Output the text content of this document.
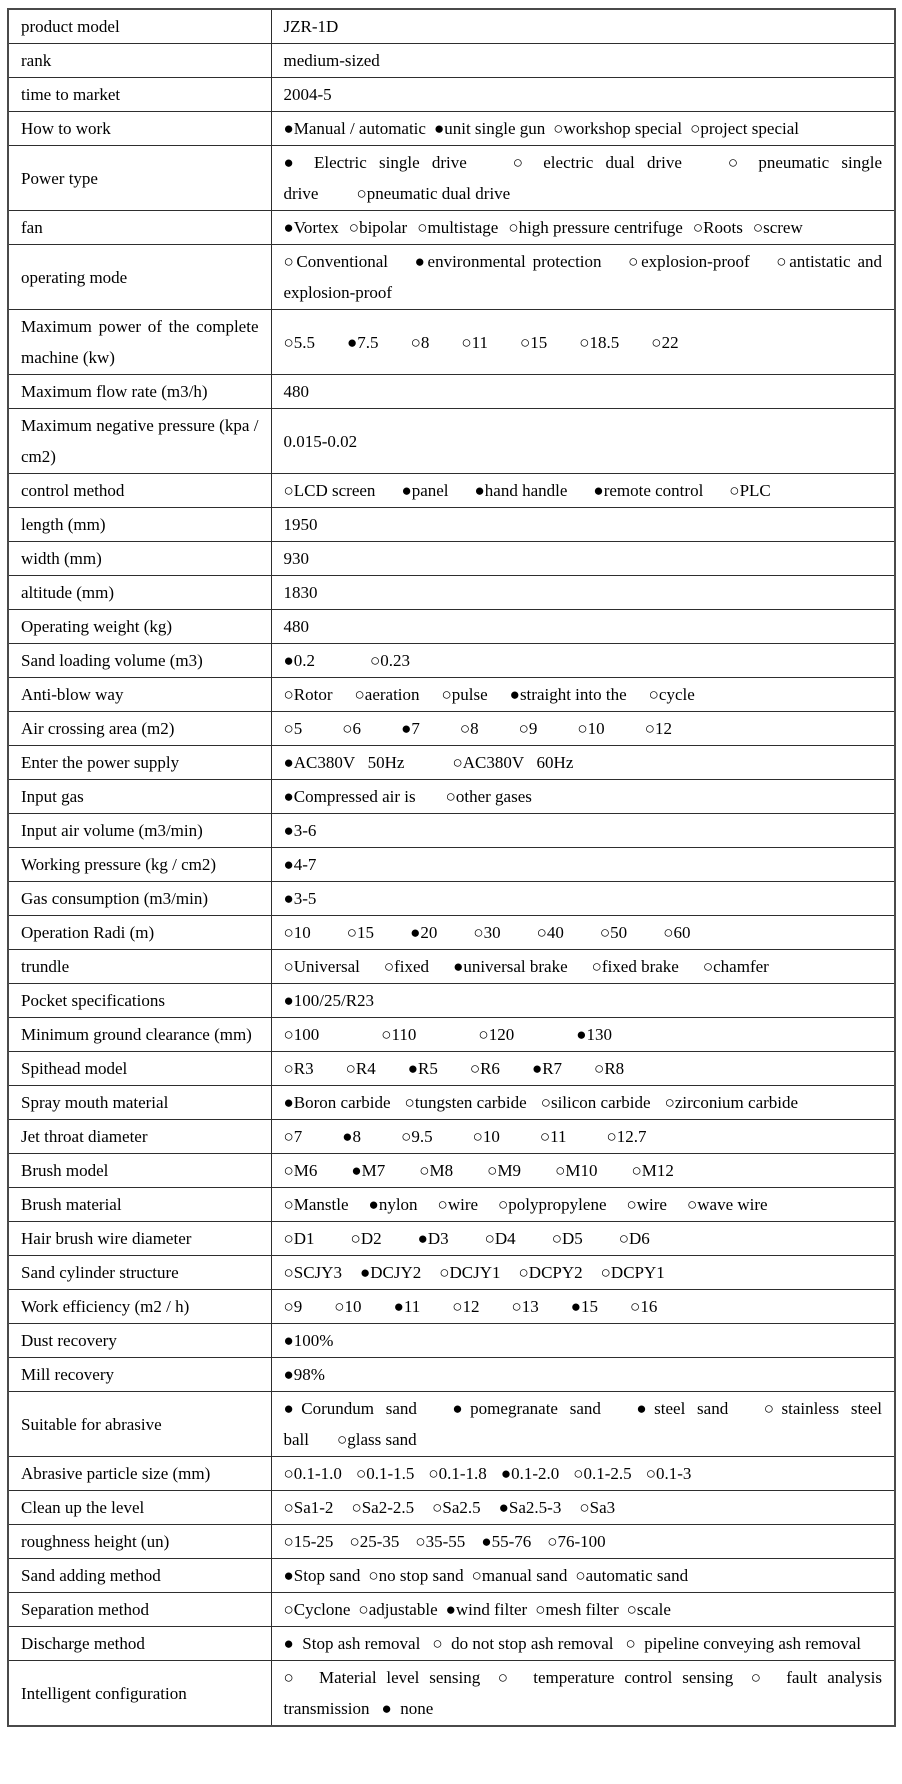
product model	JZR-1D
rank	medium-sized
time to market	2004-5
How to work	●Manual / automatic ●unit single gun ○workshop special ○project special
Power type	● Electric single drive ○ electric dual drive ○ pneumatic single drive ○pneumatic dual drive
fan	●Vortex ○bipolar ○multistage ○high pressure centrifuge ○Roots ○screw
operating mode	○Conventional ●environmental protection ○explosion-proof ○antistatic and explosion-proof
Maximum power of the complete machine (kw)	○5.5 ●7.5 ○8 ○11 ○15 ○18.5 ○22
Maximum flow rate (m3/h)	480
Maximum negative pressure (kpa / cm2)	0.015-0.02
control method	○LCD screen ●panel ●hand handle ●remote control ○PLC
length (mm)	1950
width (mm)	930
altitude (mm)	1830
Operating weight (kg)	480
Sand loading volume (m3)	●0.2 ○0.23
Anti-blow way	○Rotor ○aeration ○pulse ●straight into the ○cycle
Air crossing area (m2)	○5 ○6 ●7 ○8 ○9 ○10 ○12
Enter the power supply	●AC380V   50Hz ○AC380V   60Hz
Input gas	●Compressed air is ○other gases
Input air volume (m3/min)	●3-6
Working pressure (kg / cm2)	●4-7
Gas consumption (m3/min)	●3-5
Operation Radi (m)	○10 ○15 ●20 ○30 ○40 ○50 ○60
trundle	○Universal ○fixed ●universal brake ○fixed brake ○chamfer
Pocket specifications	●100/25/R23
Minimum ground clearance (mm)	○100 ○110 ○120 ●130
Spithead model	○R3 ○R4 ●R5 ○R6 ●R7 ○R8
Spray mouth material	●Boron carbide ○tungsten carbide ○silicon carbide ○zirconium carbide
Jet throat diameter	○7 ●8 ○9.5 ○10 ○11 ○12.7
Brush model	○M6 ●M7 ○M8 ○M9 ○M10 ○M12
Brush material	○Manstle ●nylon ○wire ○polypropylene ○wire ○wave wire
Hair brush wire diameter	○D1 ○D2 ●D3 ○D4 ○D5 ○D6
Sand cylinder structure	○SCJY3 ●DCJY2 ○DCJY1 ○DCPY2 ○DCPY1
Work efficiency (m2 / h)	○9 ○10 ●11 ○12 ○13 ●15 ○16
Dust recovery	●100%
Mill recovery	●98%
Suitable for abrasive	●Corundum sand ●pomegranate sand ●steel sand ○stainless steel ball ○glass sand
Abrasive particle size (mm)	○0.1-1.0 ○0.1-1.5 ○0.1-1.8 ●0.1-2.0 ○0.1-2.5 ○0.1-3
Clean up the level	○Sa1-2 ○Sa2-2.5 ○Sa2.5 ●Sa2.5-3 ○Sa3
roughness height (un)	○15-25 ○25-35 ○35-55 ●55-76 ○76-100
Sand adding method	●Stop sand ○no stop sand ○manual sand ○automatic sand
Separation method	○Cyclone ○adjustable ●wind filter ○mesh filter ○scale
Discharge method	●  Stop ash removal ○  do not stop ash removal ○  pipeline conveying ash removal
Intelligent configuration	○  Material level sensing ○  temperature control sensing ○  fault analysis transmission ●  none
